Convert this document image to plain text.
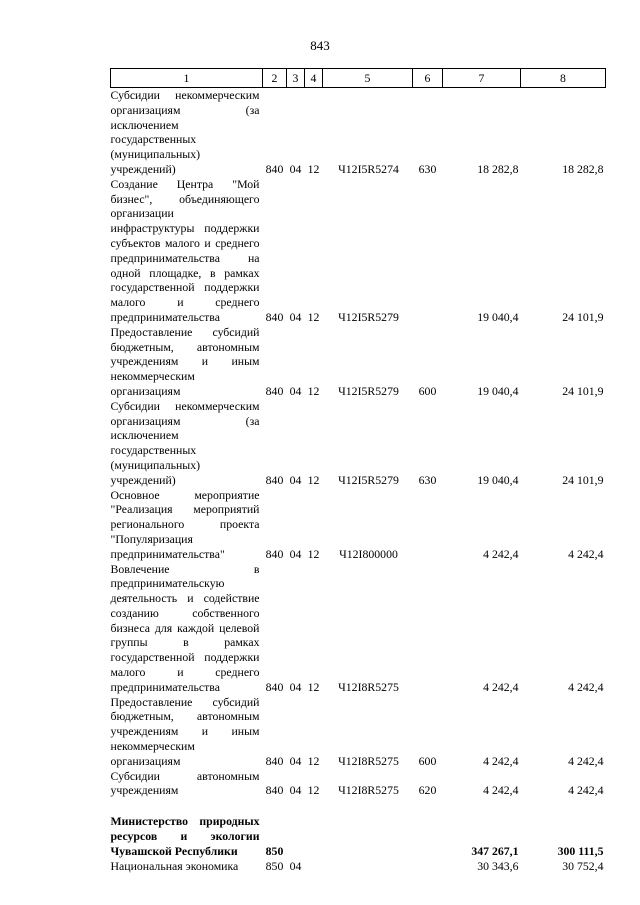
843
1	2	3	4	5	6	7	8
Субсидии некоммерческим организациям (за исключением государственных (муниципальных) учреждений)	840	04	12	Ч12I5R5274	630	18 282,8	18 282,8
Создание Центра "Мой бизнес", объединяющего организации инфраструктуры поддержки субъектов малого и среднего предпринимательства на одной площадке, в рамках государственной поддержки малого и среднего предпринимательства	840	04	12	Ч12I5R5279		19 040,4	24 101,9
Предоставление субсидий бюджетным, автономным учреждениям и иным некоммерческим организациям	840	04	12	Ч12I5R5279	600	19 040,4	24 101,9
Субсидии некоммерческим организациям (за исключением государственных (муниципальных) учреждений)	840	04	12	Ч12I5R5279	630	19 040,4	24 101,9
Основное мероприятие "Реализация мероприятий регионального проекта "Популяризация предпринимательства"	840	04	12	Ч12I800000		4 242,4	4 242,4
Вовлечение в предпринимательскую деятельность и содействие созданию собственного бизнеса для каждой целевой группы в рамках государственной поддержки малого и среднего предпринимательства	840	04	12	Ч12I8R5275		4 242,4	4 242,4
Предоставление субсидий бюджетным, автономным учреждениям и иным некоммерческим организациям	840	04	12	Ч12I8R5275	600	4 242,4	4 242,4
Субсидии автономным учреждениям	840	04	12	Ч12I8R5275	620	4 242,4	4 242,4

Министерство природных ресурсов и экологии Чувашской Республики	850					347 267,1	300 111,5
Национальная экономика	850	04				30 343,6	30 752,4
